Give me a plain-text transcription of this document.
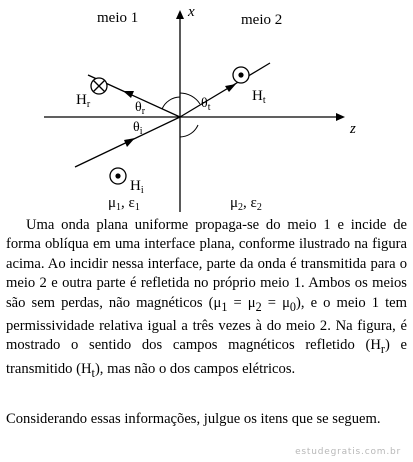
meio 1	meio 2
x
z
$H_r$
$H_t$
$H_i$
$\theta_r$
$\theta_i$
$\theta_t$
$\mu_1$, $\varepsilon_1$	$\mu_2$, $\varepsilon_2$

Uma onda plana uniforme propaga-se do meio 1 e incide de forma oblíqua em uma interface plana, conforme ilustrado na figura acima. Ao incidir nessa interface, parte da onda é transmitida para o meio 2 e outra parte é refletida no próprio meio 1. Ambos os meios são sem perdas, não magnéticos $(\mu_1 = \mu_2 = \mu_0)$, e o meio 1 tem permissividade relativa igual a três vezes à do meio 2. Na figura, é mostrado o sentido dos campos magnéticos refletido $(H_r)$ e transmitido $(H_t)$, mas não o dos campos elétricos.

Considerando essas informações, julgue os itens que se seguem.

estudegratis.com.br
